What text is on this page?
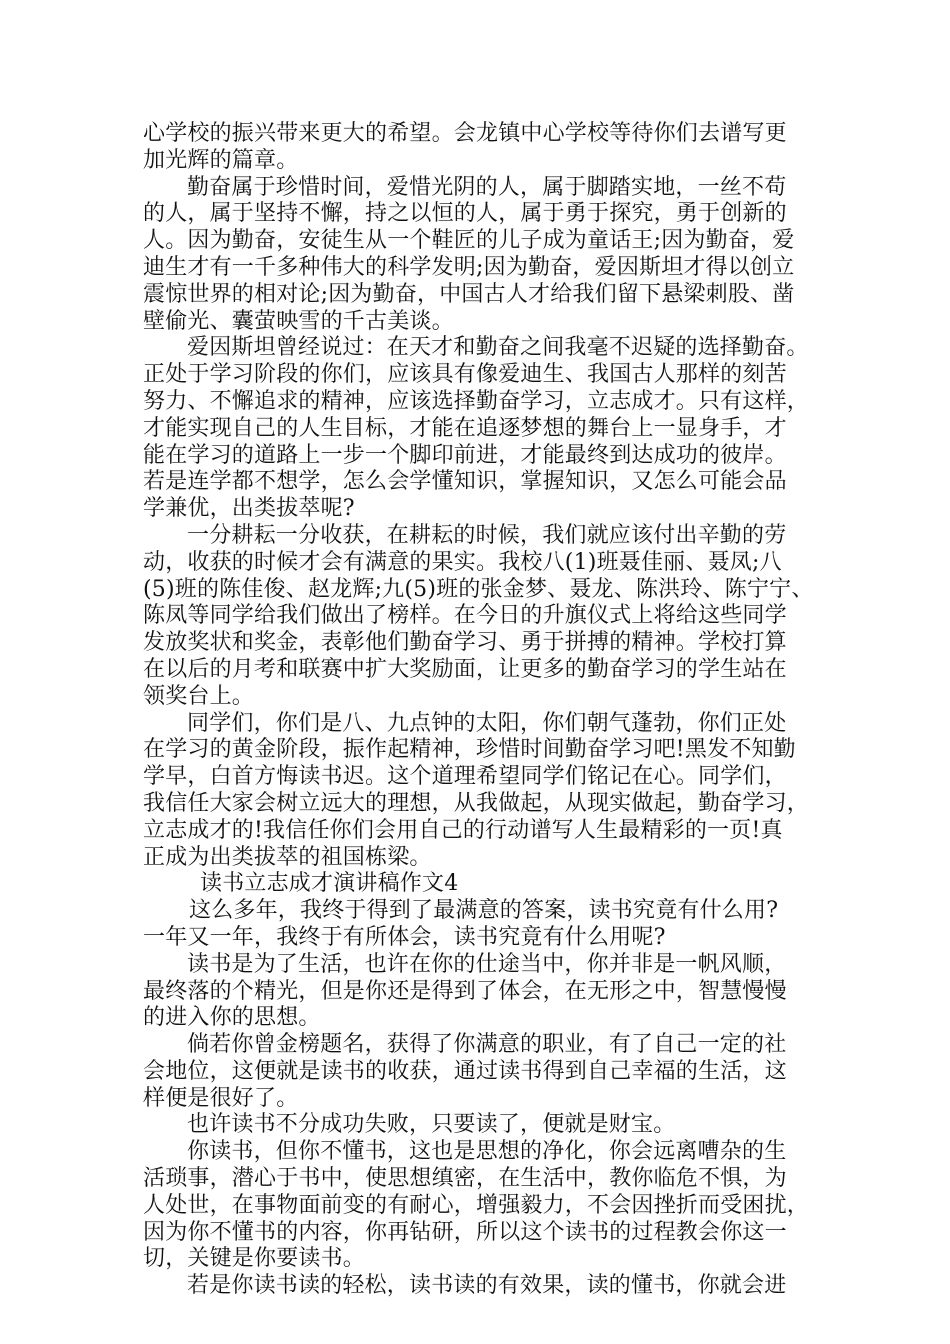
心学校的振兴带来更大的希望。会龙镇中心学校等待你们去谱写更
加光辉的篇章。
勤奋属于珍惜时间，爱惜光阴的人，属于脚踏实地，一丝不苟
的人，属于坚持不懈，持之以恒的人，属于勇于探究，勇于创新的
人。因为勤奋，安徒生从一个鞋匠的儿子成为童话王;因为勤奋，爱
迪生才有一千多种伟大的科学发明;因为勤奋，爱因斯坦才得以创立
震惊世界的相对论;因为勤奋，中国古人才给我们留下悬梁刺股、凿
壁偷光、囊萤映雪的千古美谈。
爱因斯坦曾经说过：在天才和勤奋之间我毫不迟疑的选择勤奋。
正处于学习阶段的你们，应该具有像爱迪生、我国古人那样的刻苦
努力、不懈追求的精神，应该选择勤奋学习，立志成才。只有这样，
才能实现自己的人生目标，才能在追逐梦想的舞台上一显身手，才
能在学习的道路上一步一个脚印前进，才能最终到达成功的彼岸。
若是连学都不想学，怎么会学懂知识，掌握知识，又怎么可能会品
学兼优，出类拔萃呢?
一分耕耘一分收获，在耕耘的时候，我们就应该付出辛勤的劳
动，收获的时候才会有满意的果实。我校八(1)班聂佳丽、聂凤;八
(5)班的陈佳俊、赵龙辉;九(5)班的张金梦、聂龙、陈洪玲、陈宁宁、
陈凤等同学给我们做出了榜样。在今日的升旗仪式上将给这些同学
发放奖状和奖金，表彰他们勤奋学习、勇于拼搏的精神。学校打算
在以后的月考和联赛中扩大奖励面，让更多的勤奋学习的学生站在
领奖台上。
同学们，你们是八、九点钟的太阳，你们朝气蓬勃，你们正处
在学习的黄金阶段，振作起精神，珍惜时间勤奋学习吧!黑发不知勤
学早，白首方悔读书迟。这个道理希望同学们铭记在心。同学们，
我信任大家会树立远大的理想，从我做起，从现实做起，勤奋学习，
立志成才的!我信任你们会用自己的行动谱写人生最精彩的一页!真
正成为出类拔萃的祖国栋梁。
读书立志成才演讲稿作文4
这么多年，我终于得到了最满意的答案，读书究竟有什么用?
一年又一年，我终于有所体会，读书究竟有什么用呢?
读书是为了生活，也许在你的仕途当中，你并非是一帆风顺，
最终落的个精光，但是你还是得到了体会，在无形之中，智慧慢慢
的进入你的思想。
倘若你曾金榜题名，获得了你满意的职业，有了自己一定的社
会地位，这便就是读书的收获，通过读书得到自己幸福的生活，这
样便是很好了。
也许读书不分成功失败，只要读了，便就是财宝。
你读书，但你不懂书，这也是思想的净化，你会远离嘈杂的生
活琐事，潜心于书中，使思想缜密，在生活中，教你临危不惧，为
人处世，在事物面前变的有耐心，增强毅力，不会因挫折而受困扰，
因为你不懂书的内容，你再钻研，所以这个读书的过程教会你这一
切，关键是你要读书。
若是你读书读的轻松，读书读的有效果，读的懂书，你就会进
